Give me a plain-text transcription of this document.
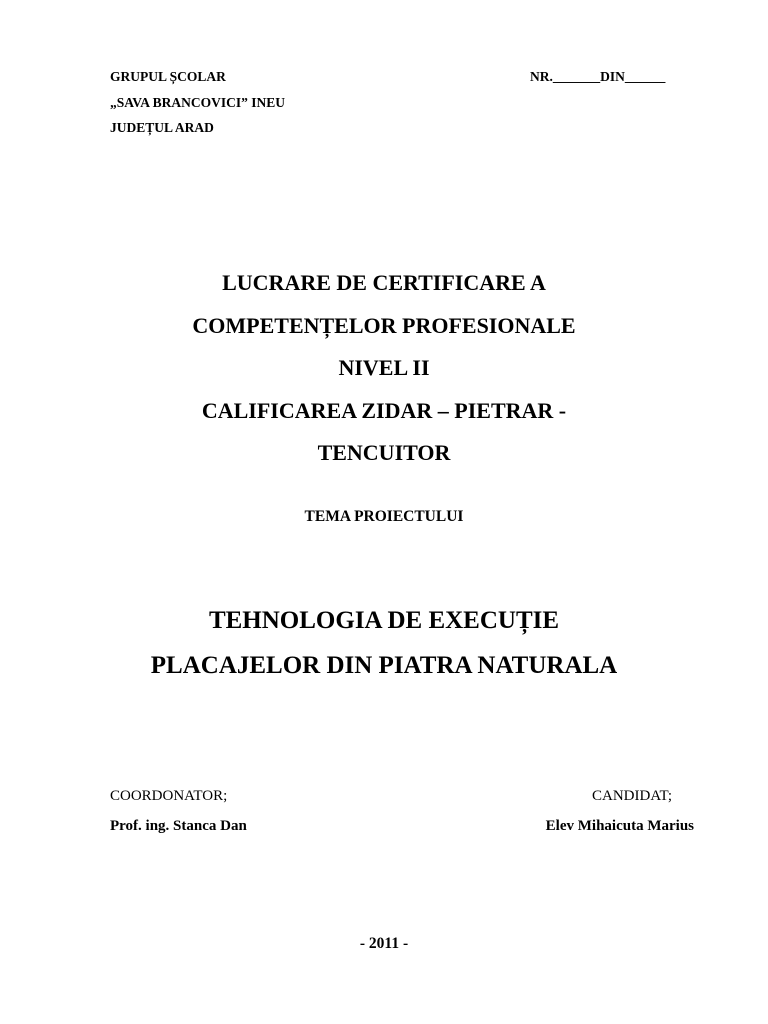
GRUPUL ȘCOLAR
„SAVA BRANCOVICI” INEU
JUDEȚUL ARAD
NR._______DIN______
LUCRARE DE CERTIFICARE A
COMPETENȚELOR PROFESIONALE
NIVEL II
CALIFICAREA ZIDAR – PIETRAR -
TENCUITOR
TEMA PROIECTULUI
TEHNOLOGIA DE EXECUȚIE
PLACAJELOR DIN PIATRA NATURALA
COORDONATOR;
Prof. ing. Stanca Dan
CANDIDAT;
Elev Mihaicuta Marius
- 2011 -
